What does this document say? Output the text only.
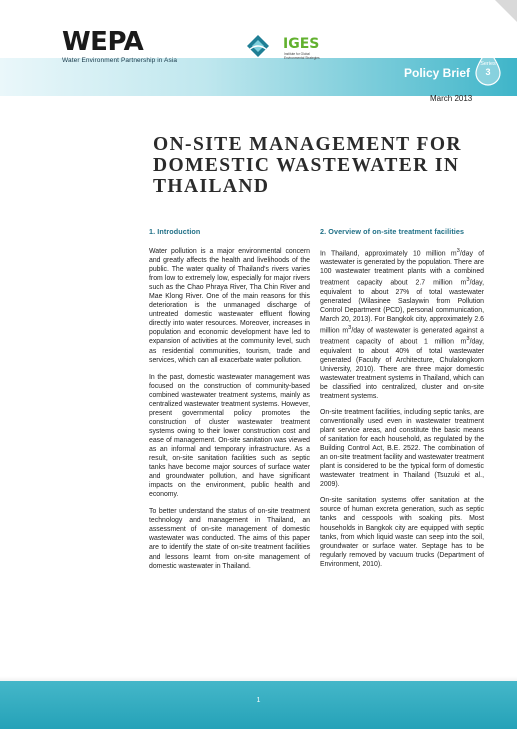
WEPA
Water Environment Partnership in Asia
IGES
Institute for Global Environmental Strategies
Policy Brief
Series
3
March 2013
ON-SITE MANAGEMENT FOR DOMESTIC WASTEWATER IN THAILAND
1. Introduction

Water pollution is a major environmental concern and greatly affects the health and livelihoods of the public. The water quality of Thailand's rivers varies from low to extremely low, especially for major rivers such as the Chao Phraya River, Tha Chin River and Mae Klong River. One of the main reasons for this deterioration is the unmanaged discharge of untreated domestic wastewater effluent flowing directly into water resources. Moreover, increases in population and economic development have led to expansion of activities at the community level, such as residential communities, tourism, trade and services, which can all exacerbate water pollution.

In the past, domestic wastewater management was focused on the construction of community-based combined wastewater treatment systems, mainly as centralized wastewater treatment systems. However, present governmental policy promotes the construction of cluster wastewater treatment systems owing to their lower construction cost and ease of management. On-site sanitation was viewed as an informal and temporary infrastructure. As a result, on-site sanitation facilities such as septic tanks have become major sources of surface water and groundwater pollution, and have significant impacts on the environment, public health and economy.

To better understand the status of on-site treatment technology and management in Thailand, an assessment of on-site management of domestic wastewater was conducted. The aims of this paper are to identify the state of on-site treatment facilities and lessons learnt from on-site management of domestic wastewater in Thailand.

2. Overview of on-site treatment facilities

In Thailand, approximately 10 million $m^3$/day of wastewater is generated by the population. There are 100 wastewater treatment plants with a combined treatment capacity about 2.7 million $m^3$/day, equivalent to about 27% of total wastewater generated (Wilasinee Saslaywin from Pollution Control Department (PCD), personal communication, March 20, 2013). For Bangkok city, approximately 2.6 million $m^3$/day of wastewater is generated against a treatment capacity of about 1 million $m^3$/day, equivalent to about 40% of total wastewater generated (Faculty of Architecture, Chulalongkorn University, 2010). There are three major domestic wastewater treatment systems in Thailand, which can be classified into centralized, cluster and on-site treatment systems.

On-site treatment facilities, including septic tanks, are conventionally used even in wastewater treatment plant service areas, and constitute the basic means of sanitation for each household, as regulated by the Building Control Act, B.E. 2522. The combination of an on-site treatment facility and wastewater treatment plant is considered to be the typical form of domestic wastewater treatment in Thailand (Tsuzuki et al., 2009).

On-site sanitation systems offer sanitation at the source of human excreta generation, such as septic tanks and cesspools with soaking pits. Most households in Bangkok city are equipped with septic tanks, from which liquid waste can seep into the soil, groundwater or surface water. Septage has to be regularly removed by vacuum trucks (Department of Environment, 2010).

1
